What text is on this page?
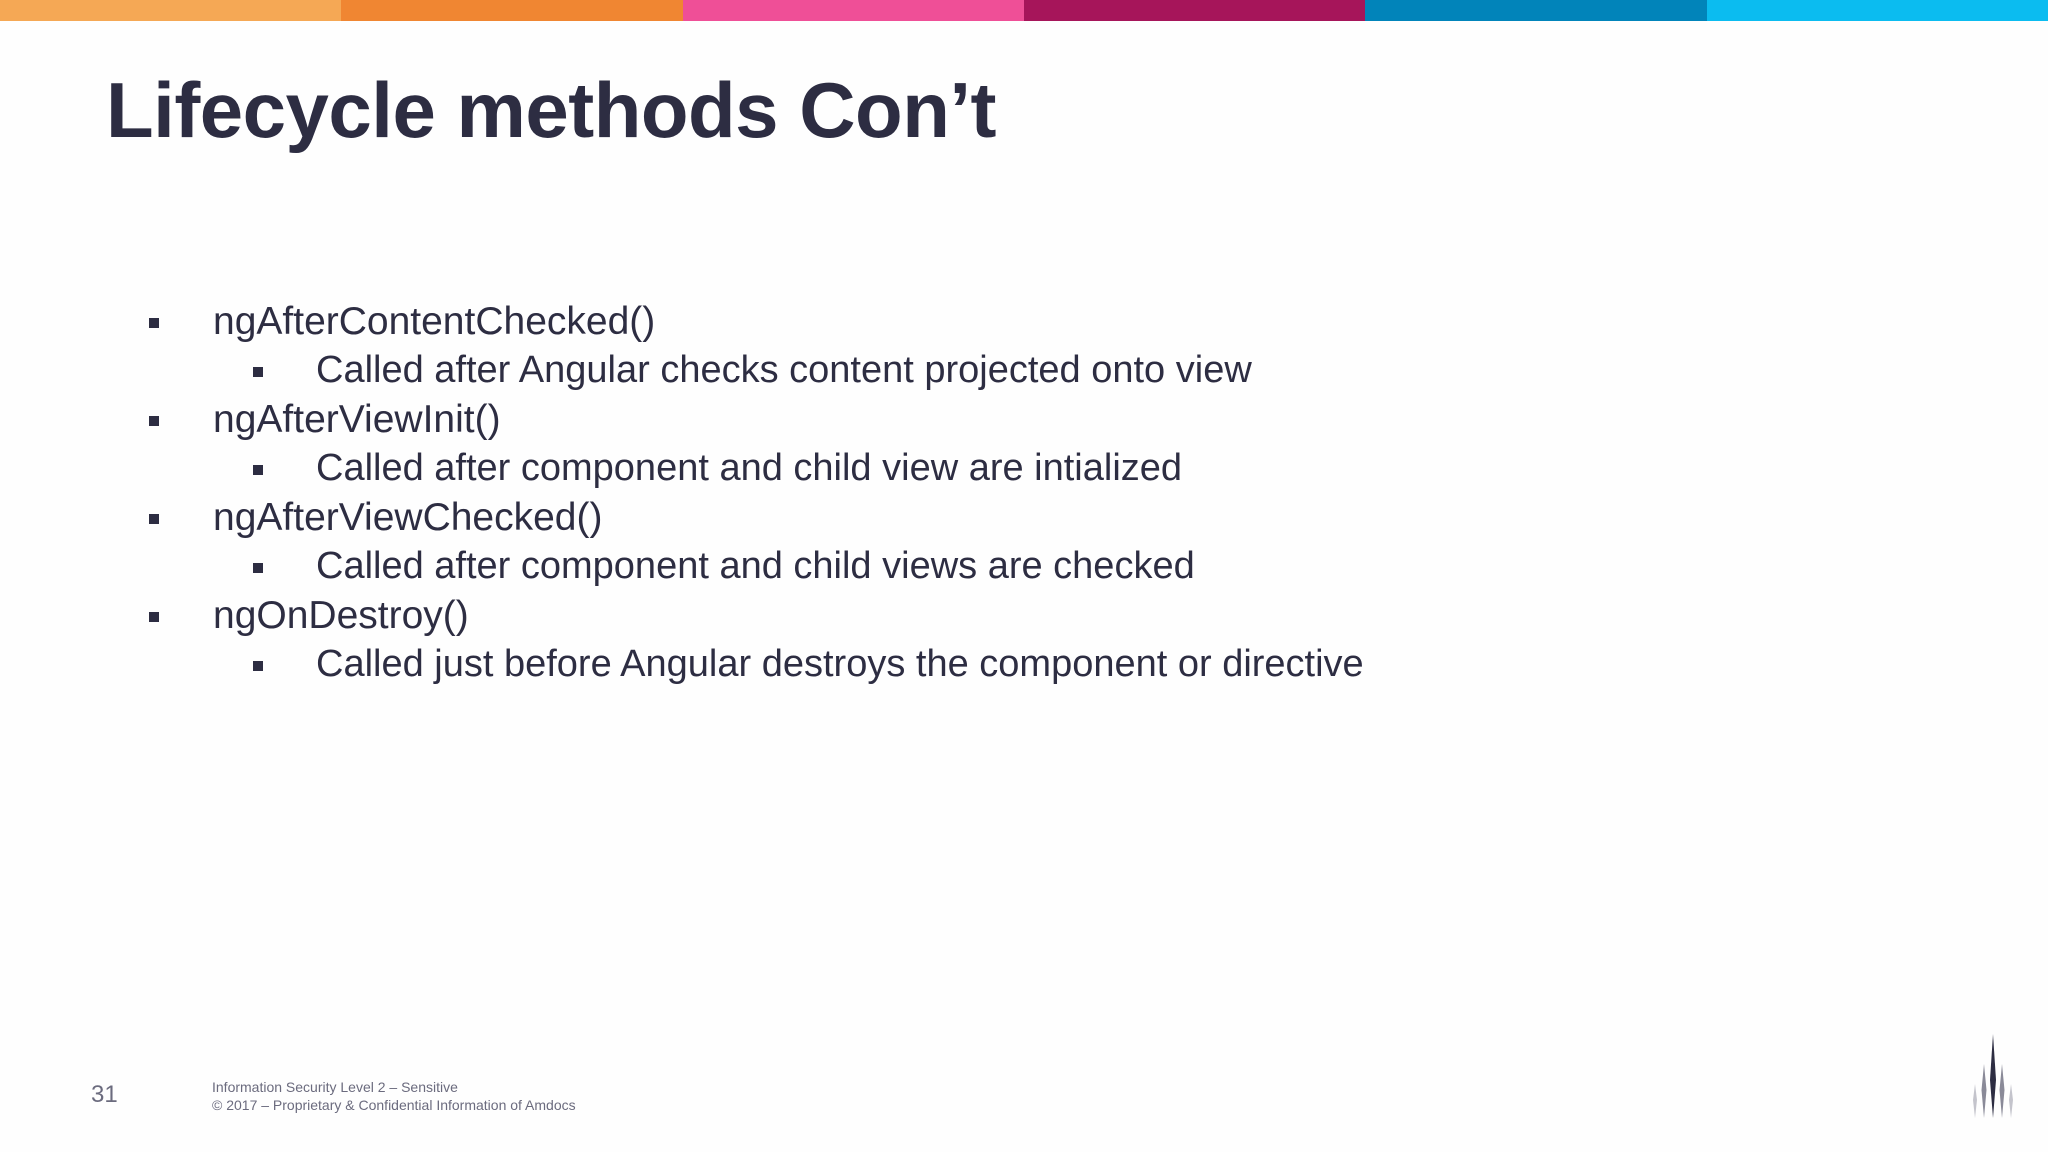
Lifecycle methods Con’t
ngAfterContentChecked()
Called after Angular checks content projected onto view
ngAfterViewInit()
Called after component and child view are intialized
ngAfterViewChecked()
Called after component and child views are checked
ngOnDestroy()
Called just before Angular destroys the component or directive
31	Information Security Level 2 – Sensitive
© 2017 – Proprietary & Confidential Information of Amdocs
